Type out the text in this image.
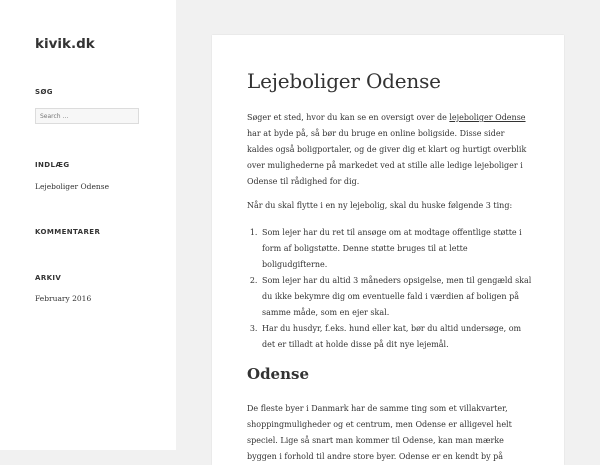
kivik.dk
SØG
Search …
INDLÆG
Lejeboliger Odense
KOMMENTARER
ARKIV
February 2016
Lejeboliger Odense

Søger et sted, hvor du kan se en oversigt over de lejeboliger Odense har at byde på, så bør du bruge en online boligside. Disse sider kaldes også boligportaler, og de giver dig et klart og hurtigt overblik over mulighederne på markedet ved at stille alle ledige lejeboliger i Odense til rådighed for dig.

Når du skal flytte i en ny lejebolig, skal du huske følgende 3 ting:

1. Som lejer har du ret til ansøge om at modtage offentlige støtte i form af boligstøtte. Denne støtte bruges til at lette boligudgifterne.
2. Som lejer har du altid 3 måneders opsigelse, men til gengæld skal du ikke bekymre dig om eventuelle fald i værdien af boligen på samme måde, som en ejer skal.
3. Har du husdyr, f.eks. hund eller kat, bør du altid undersøge, om det er tilladt at holde disse på dit nye lejemål.
Odense

De fleste byer i Danmark har de samme ting som et villakvarter, shoppingmuligheder og et centrum, men Odense er alligevel helt speciel. Lige så snart man kommer til Odense, kan man mærke byggen i forhold til andre store byer. Odense er en kendt by på
